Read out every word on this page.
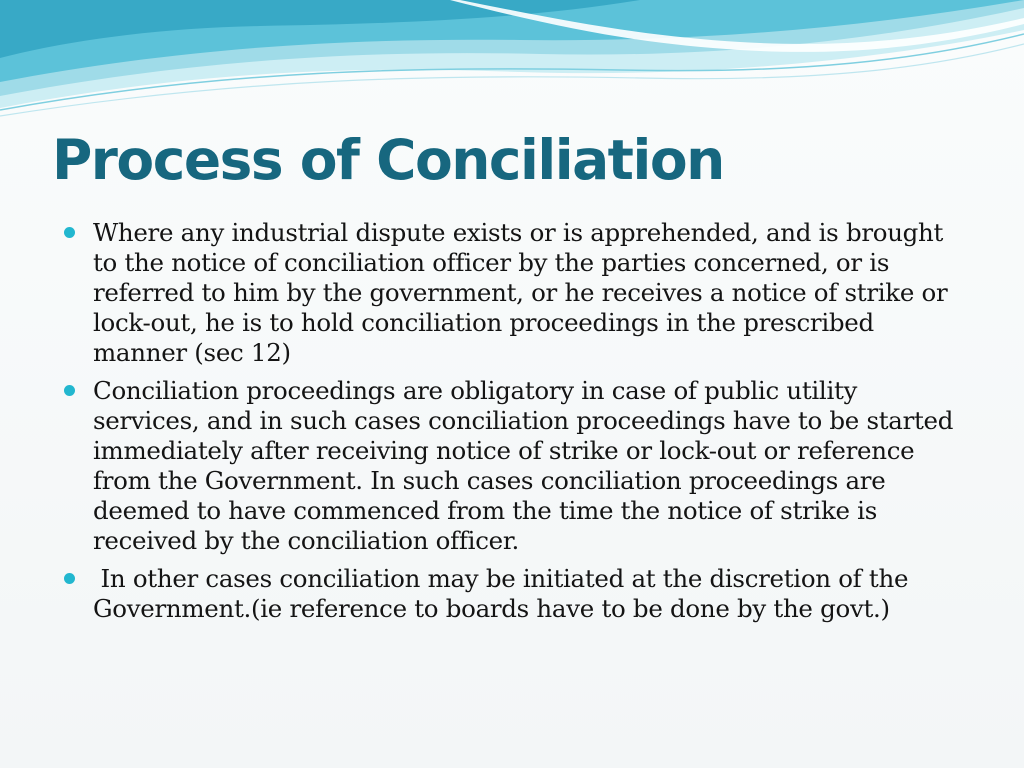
Process of Conciliation
Where any industrial dispute exists or is apprehended, and is brought to the notice of conciliation officer by the parties concerned, or is referred to him by the government, or he receives a notice of strike or lock-out, he is to hold conciliation proceedings in the prescribed manner (sec 12)
Conciliation proceedings are obligatory in case of public utility services, and in such cases conciliation proceedings have to be started immediately after receiving notice of strike or lock-out or reference from the Government. In such cases conciliation proceedings are deemed to have commenced from the time the notice of strike is received by the conciliation officer.
In other cases conciliation may be initiated at the discretion of the Government.(ie reference to boards have to be done by the govt.)
